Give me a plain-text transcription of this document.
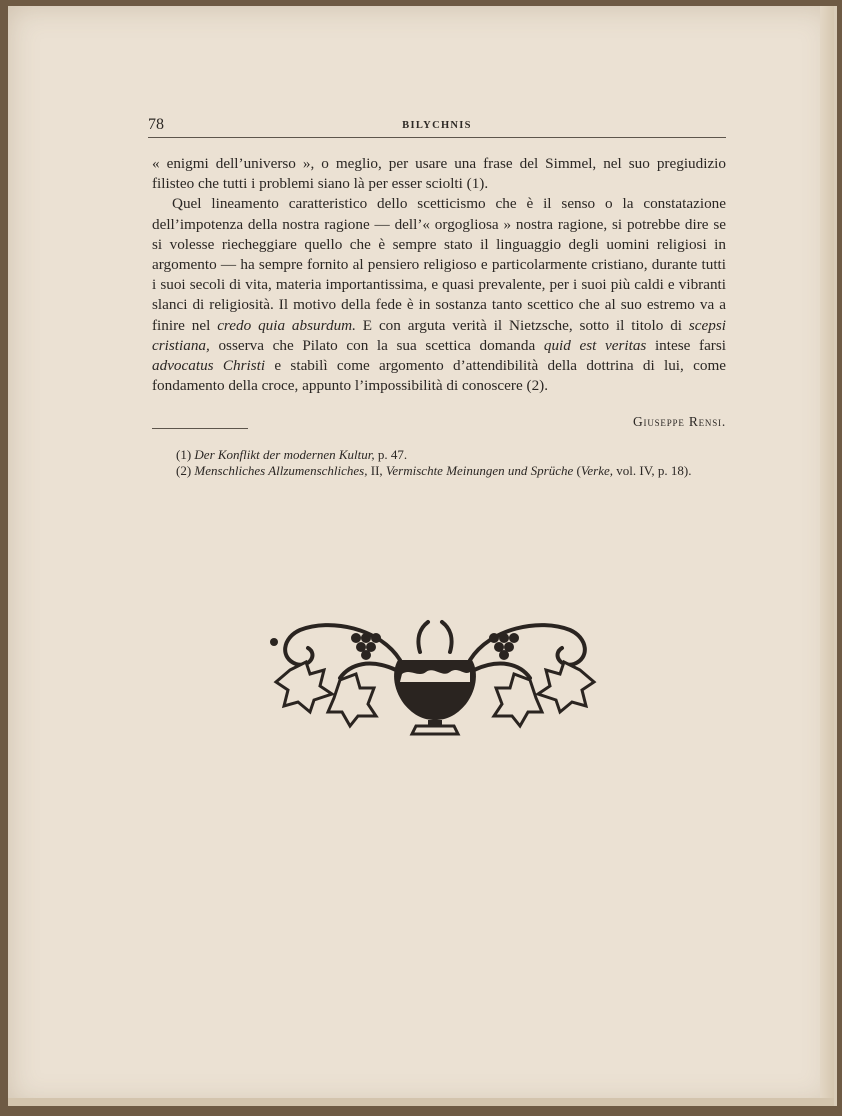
78	BILYCHNIS

« enigmi dell’universo », o meglio, per usare una frase del Simmel, nel suo pregiudizio filisteo che tutti i problemi siano là per esser sciolti (1).

Quel lineamento caratteristico dello scetticismo che è il senso o la constatazione dell’impotenza della nostra ragione — dell’« orgogliosa » nostra ragione, si potrebbe dire se si volesse riecheggiare quello che è sempre stato il linguaggio degli uomini religiosi in argomento — ha sempre fornito al pensiero religioso e particolarmente cristiano, durante tutti i suoi secoli di vita, materia importantissima, e quasi prevalente, per i suoi più caldi e vibranti slanci di religiosità. Il motivo della fede è in sostanza tanto scettico che al suo estremo va a finire nel credo quia absurdum. E con arguta verità il Nietzsche, sotto il titolo di scepsi cristiana, osserva che Pilato con la sua scettica domanda quid est veritas intese farsi advocatus Christi e stabilì come argomento d’attendibilità della dottrina di lui, come fondamento della croce, appunto l’impossibilità di conoscere (2).

Giuseppe Rensi.

(1) Der Konflikt der modernen Kultur, p. 47.

(2) Menschliches Allzumenschliches, II, Vermischte Meinungen und Sprüche (Verke, vol. IV, p. 18).
